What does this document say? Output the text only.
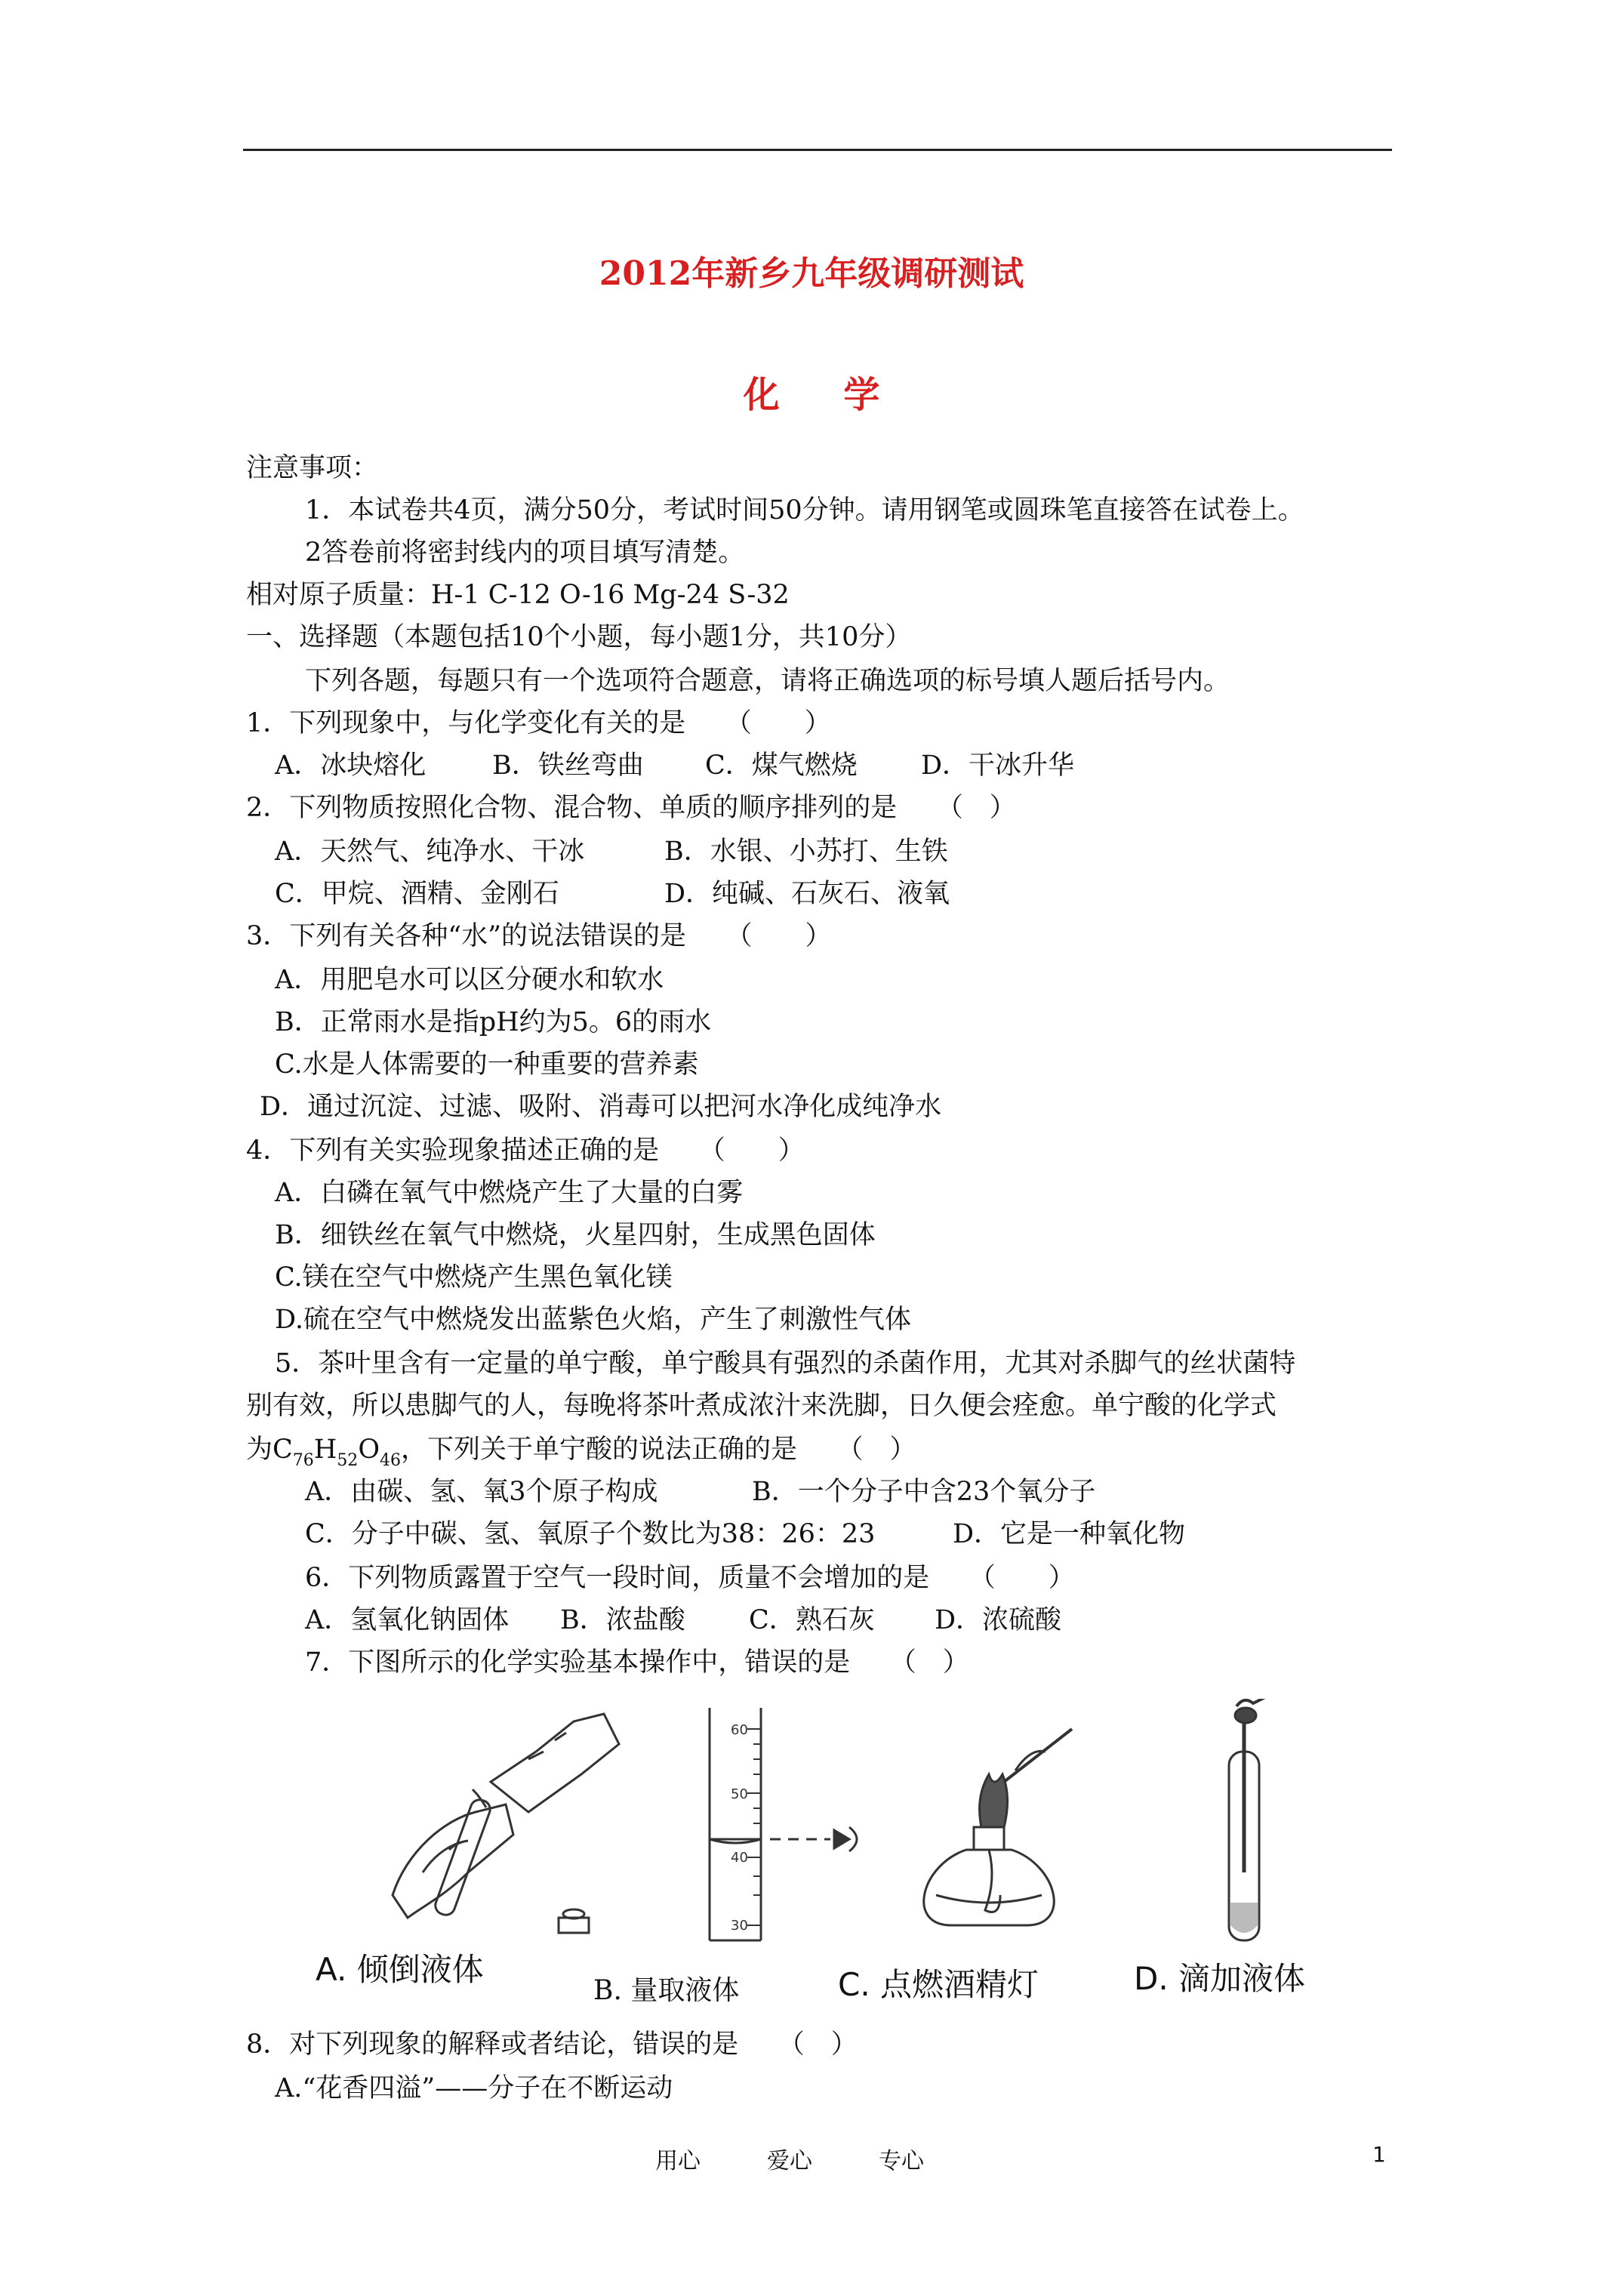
2012年新乡九年级调研测试
化 学
注意事项：
1．本试卷共4页，满分50分，考试时间50分钟。请用钢笔或圆珠笔直接答在试卷上。
2答卷前将密封线内的项目填写清楚。
相对原子质量：H-1 C-12 O-16 Mg-24 S-32
一、选择题（本题包括10个小题，每小题1分，共10分）
下列各题，每题只有一个选项符合题意，请将正确选项的标号填人题后括号内。
1．下列现象中，与化学变化有关的是　　（　　）
A．冰块熔化	B．铁丝弯曲 C．煤气燃烧 D．干冰升华
2．下列物质按照化合物、混合物、单质的顺序排列的是　　（　）
A．天然气、纯净水、干冰	B．水银、小苏打、生铁
C．甲烷、酒精、金刚石	D．纯碱、石灰石、液氧
3．下列有关各种“水”的说法错误的是　　（　　）
A．用肥皂水可以区分硬水和软水
B．正常雨水是指pH约为5。6的雨水
C.水是人体需要的一种重要的营养素
D．通过沉淀、过滤、吸附、消毒可以把河水净化成纯净水
4．下列有关实验现象描述正确的是　　（　　）
A．白磷在氧气中燃烧产生了大量的白雾
B．细铁丝在氧气中燃烧，火星四射，生成黑色固体
C.镁在空气中燃烧产生黑色氧化镁
D.硫在空气中燃烧发出蓝紫色火焰，产生了刺激性气体
5．茶叶里含有一定量的单宁酸，单宁酸具有强烈的杀菌作用，尤其对杀脚气的丝状菌特
别有效，所以患脚气的人，每晚将茶叶煮成浓汁来洗脚，日久便会痊愈。单宁酸的化学式
为$C_{76}H_{52}O_{46}$，下列关于单宁酸的说法正确的是　　（　）
A．由碳、氢、氧3个原子构成	B．一个分子中含23个氧分子
C．分子中碳、氢、氧原子个数比为38：26：23	D．它是一种氧化物
6．下列物质露置于空气一段时间，质量不会增加的是　　（　　）
A．氢氧化钠固体 B．浓盐酸 C．熟石灰 D．浓硫酸
7．下图所示的化学实验基本操作中，错误的是　　（　）
60
50
40
30
A. 倾倒液体
B. 量取液体	C. 点燃酒精灯	D. 滴加液体
8．对下列现象的解释或者结论，错误的是　　（　）
A.“花香四溢”——分子在不断运动
用心	爱心	专心	1
